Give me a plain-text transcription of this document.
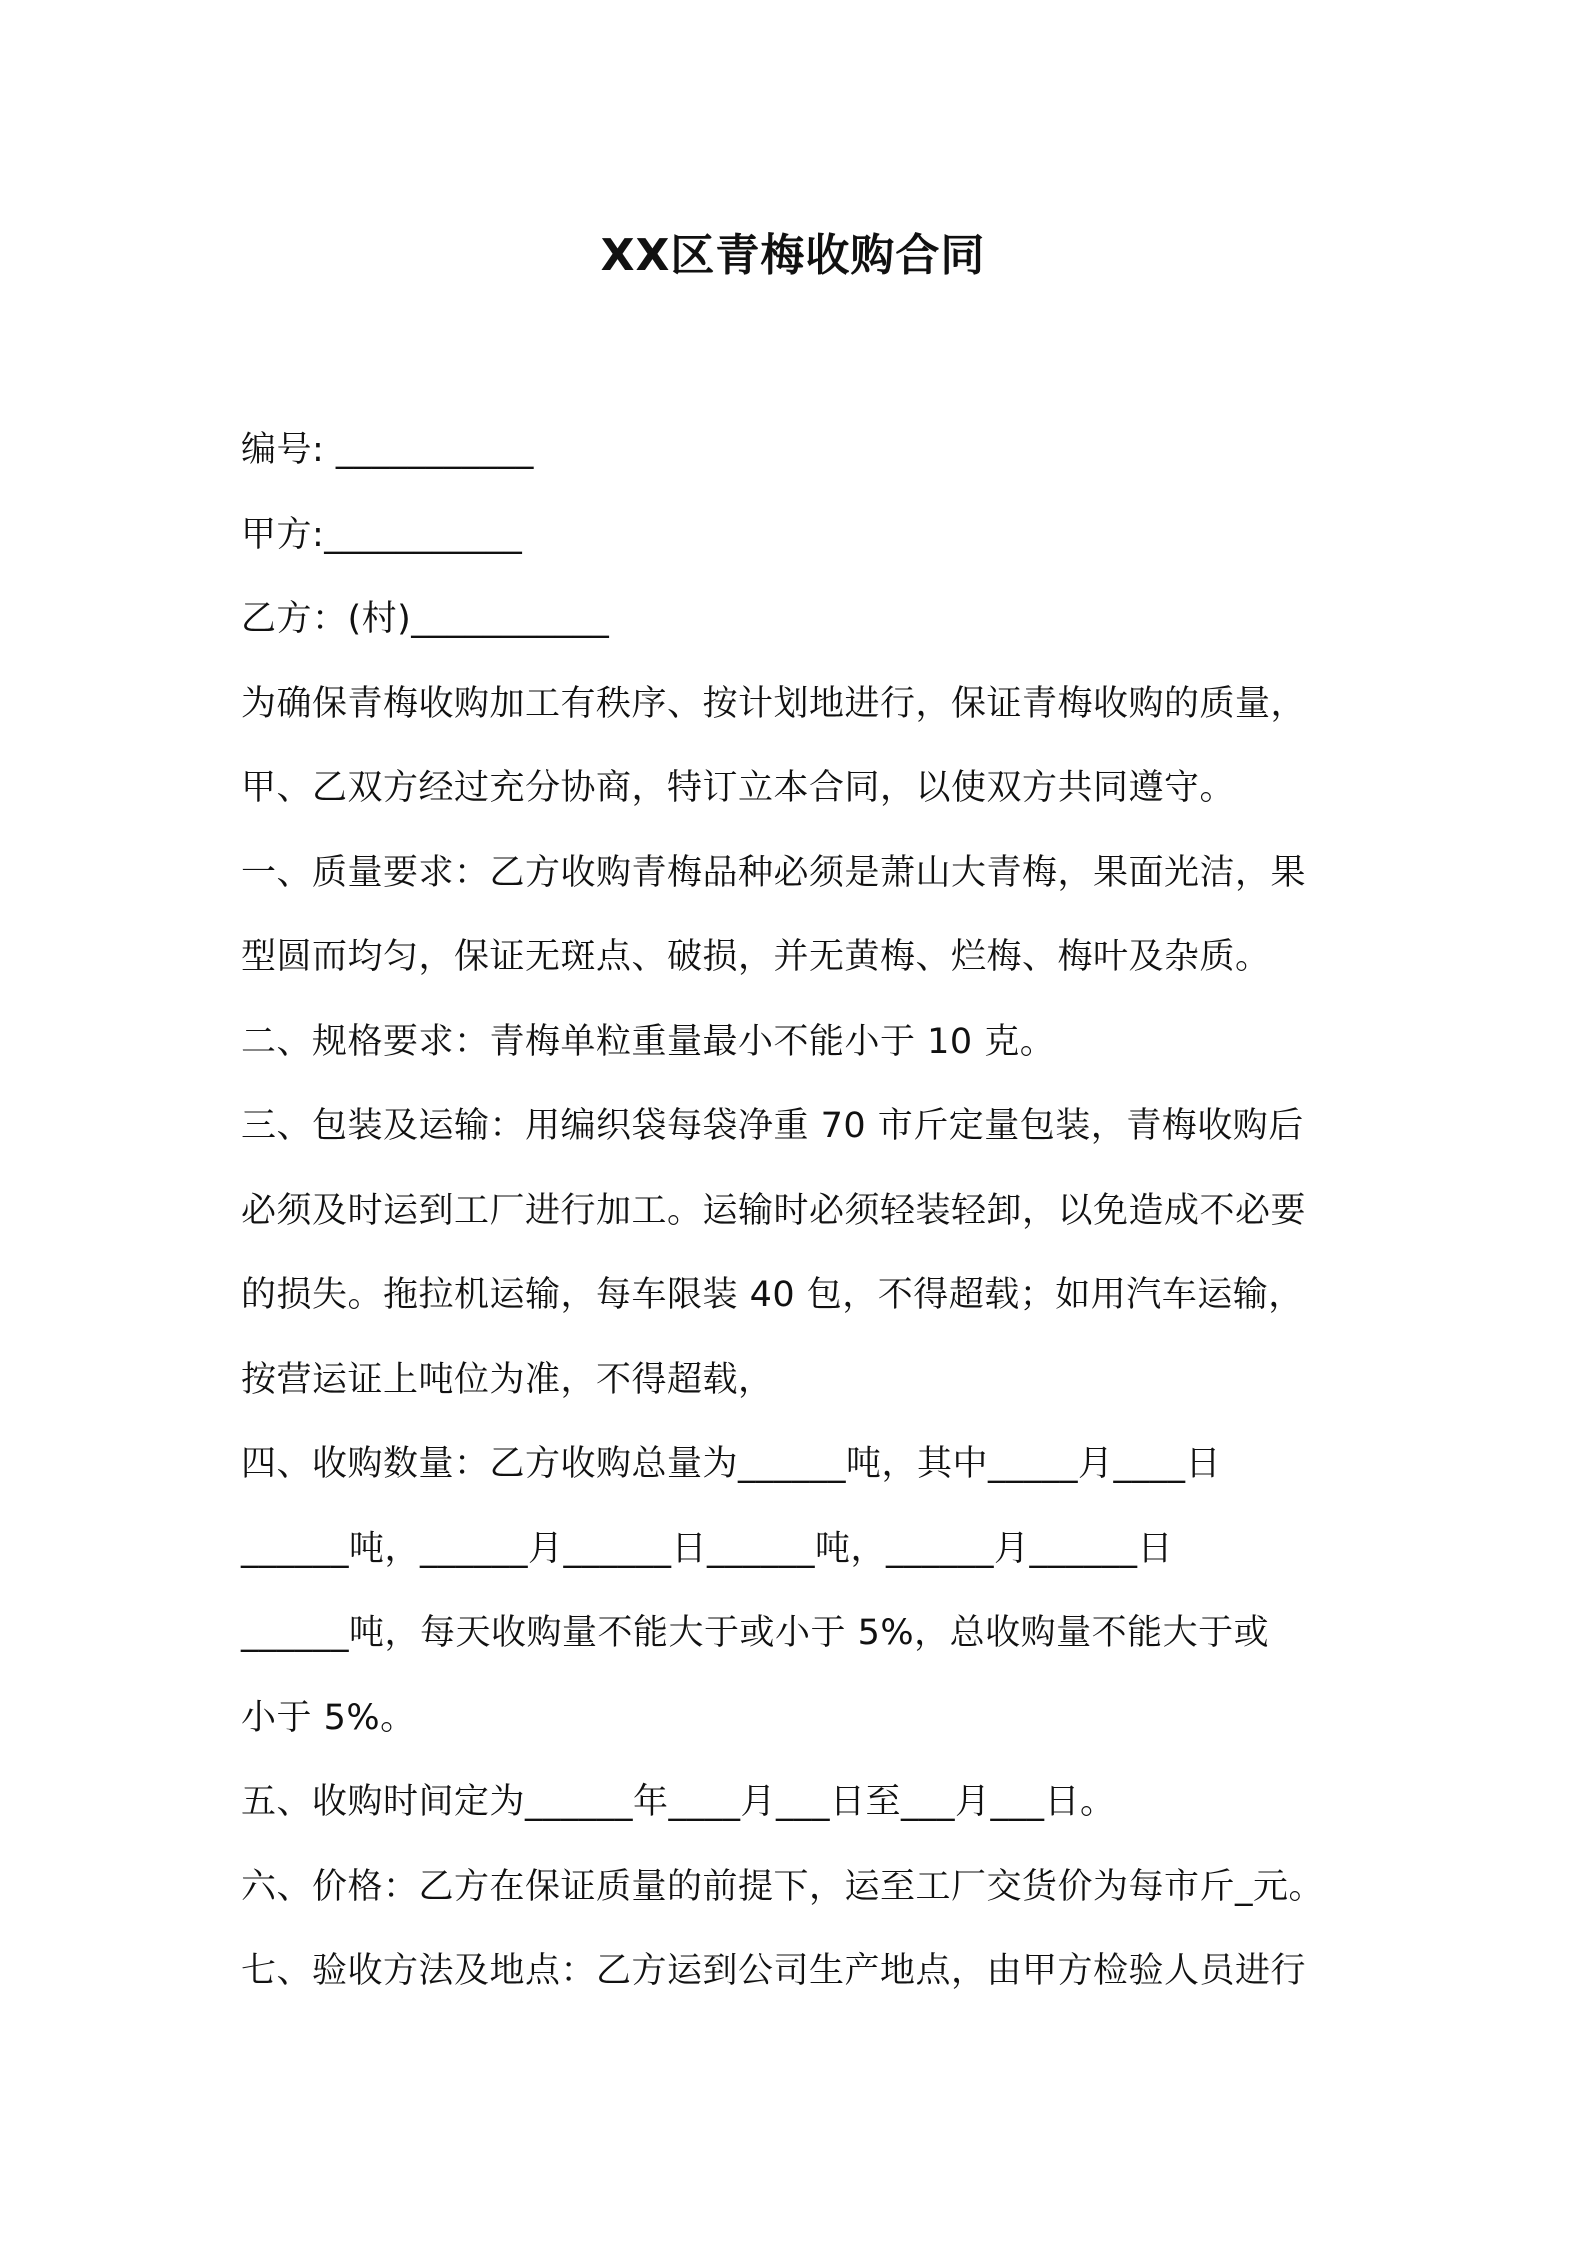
XX区青梅收购合同
编号: ___________
甲方:___________
乙方：(村)___________
为确保青梅收购加工有秩序、按计划地进行，保证青梅收购的质量，
甲、乙双方经过充分协商，特订立本合同，以使双方共同遵守。
一、质量要求：乙方收购青梅品种必须是萧山大青梅，果面光洁，果
型圆而均匀，保证无斑点、破损，并无黄梅、烂梅、梅叶及杂质。
二、规格要求：青梅单粒重量最小不能小于 10 克。
三、包装及运输：用编织袋每袋净重 70 市斤定量包装，青梅收购后
必须及时运到工厂进行加工。运输时必须轻装轻卸，以免造成不必要
的损失。拖拉机运输，每车限装 40 包，不得超载；如用汽车运输，
按营运证上吨位为准，不得超载，
四、收购数量：乙方收购总量为______吨，其中_____月____日
______吨，______月______日______吨，______月______日
______吨，每天收购量不能大于或小于 5%，总收购量不能大于或
小于 5%。
五、收购时间定为______年____月___日至___月___日。
六、价格：乙方在保证质量的前提下，运至工厂交货价为每市斤_元。
七、验收方法及地点：乙方运到公司生产地点，由甲方检验人员进行
